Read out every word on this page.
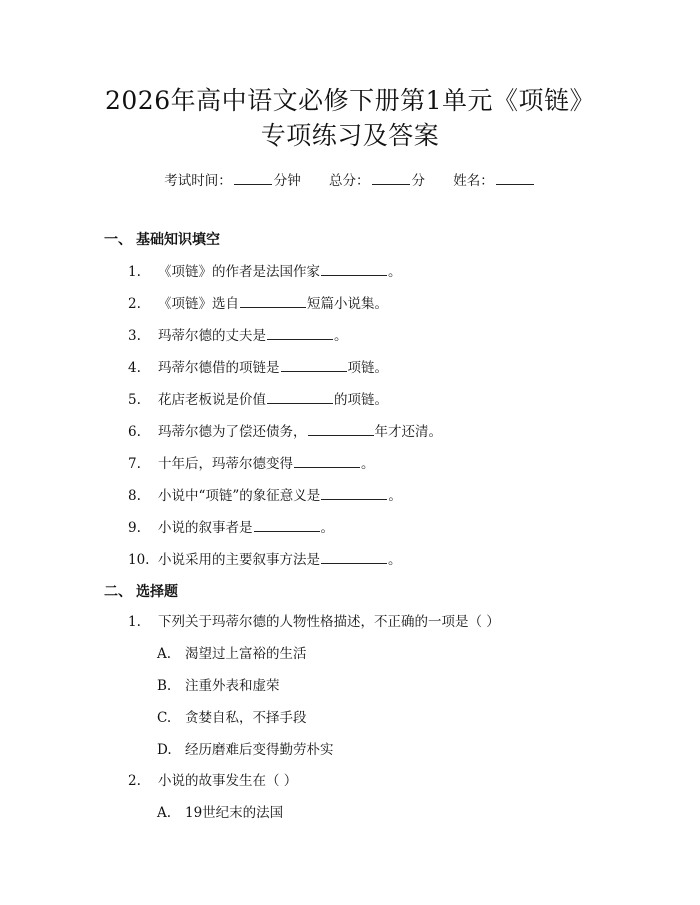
2026年高中语文必修下册第1单元《项链》
专项练习及答案
考试时间：	分钟 总分：	分 姓名：
一、 基础知识填空
1. 《项链》的作者是法国作家	。
2. 《项链》选自	短篇小说集。
3. 玛蒂尔德的丈夫是	。
4. 玛蒂尔德借的项链是	项链。
5. 花店老板说是价值	的项链。
6. 玛蒂尔德为了偿还债务，	年才还清。
7. 十年后，玛蒂尔德变得	。
8. 小说中“项链”的象征意义是	。
9. 小说的叙事者是	。
10. 小说采用的主要叙事方法是	。
二、 选择题
1. 下列关于玛蒂尔德的人物性格描述，不正确的一项是（ ）
A. 渴望过上富裕的生活
B. 注重外表和虚荣
C. 贪婪自私，不择手段
D. 经历磨难后变得勤劳朴实
2. 小说的故事发生在（ ）
A. 19世纪末的法国
